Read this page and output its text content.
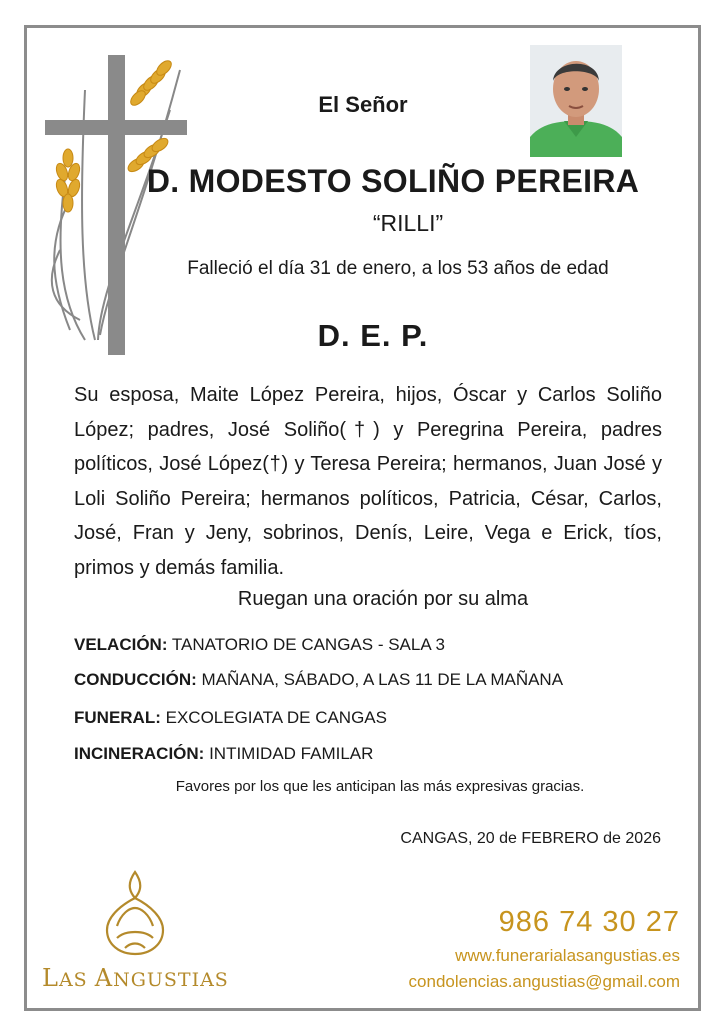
El Señor
D. MODESTO SOLIÑO PEREIRA
“RILLI”
Falleció el día 31 de enero, a los 53 años de edad
D. E. P.
Su esposa, Maite López Pereira, hijos, Óscar y Carlos Soliño López; padres, José Soliño(†) y Peregrina Pereira, padres políticos, José López(†) y Teresa Pereira; hermanos, Juan José y Loli Soliño Pereira; hermanos políticos, Patricia, César, Carlos, José, Fran y Jeny, sobrinos, Denís, Leire, Vega e Erick, tíos, primos y demás familia.
Ruegan una oración por su alma
VELACIÓN: TANATORIO DE CANGAS - SALA 3
CONDUCCIÓN: MAÑANA, SÁBADO, A LAS 11 DE LA MAÑANA
FUNERAL: EXCOLEGIATA DE CANGAS
INCINERACIÓN: INTIMIDAD FAMILAR
Favores por los que les anticipan las más expresivas gracias.
CANGAS, 20 de FEBRERO de 2026
LAS ANGUSTIAS
986 74 30 27
www.funerarialasangustias.es
condolencias.angustias@gmail.com
